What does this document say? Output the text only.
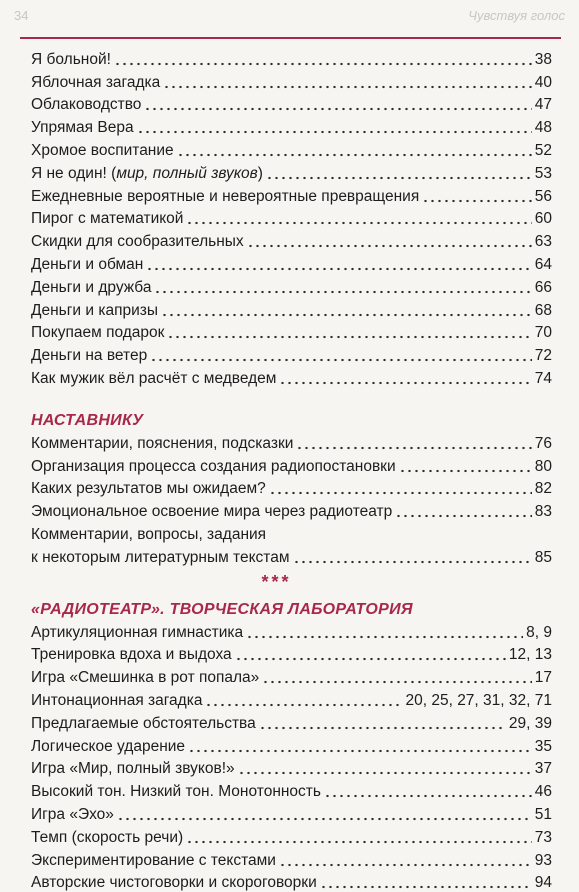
34	Чувствуя голос
Я больной!	38
Яблочная загадка	40
Облаководство	47
Упрямая Вера	48
Хромое воспитание	52
Я не один! (мир, полный звуков)	53
Ежедневные вероятные и невероятные превращения	56
Пирог с математикой	60
Скидки для сообразительных	63
Деньги и обман	64
Деньги и дружба	66
Деньги и капризы	68
Покупаем подарок	70
Деньги на ветер	72
Как мужик вёл расчёт с медведем	74
НАСТАВНИКУ
Комментарии, пояснения, подсказки	76
Организация процесса создания радиопостановки	80
Каких результатов мы ожидаем?	82
Эмоциональное освоение мира через радиотеатр	83
Комментарии, вопросы, задания
к некоторым литературным текстам	85
***
«РАДИОТЕАТР». ТВОРЧЕСКАЯ ЛАБОРАТОРИЯ
Артикуляционная гимнастика	8, 9
Тренировка вдоха и выдоха	12, 13
Игра «Смешинка в рот попала»	17
Интонационная загадка	20, 25, 27, 31, 32, 71
Предлагаемые обстоятельства	29, 39
Логическое ударение	35
Игра «Мир, полный звуков!»	37
Высокий тон. Низкий тон. Монотонность	46
Игра «Эхо»	51
Темп (скорость речи)	73
Экспериментирование с текстами	93
Авторские чистоговорки и скороговорки	94
